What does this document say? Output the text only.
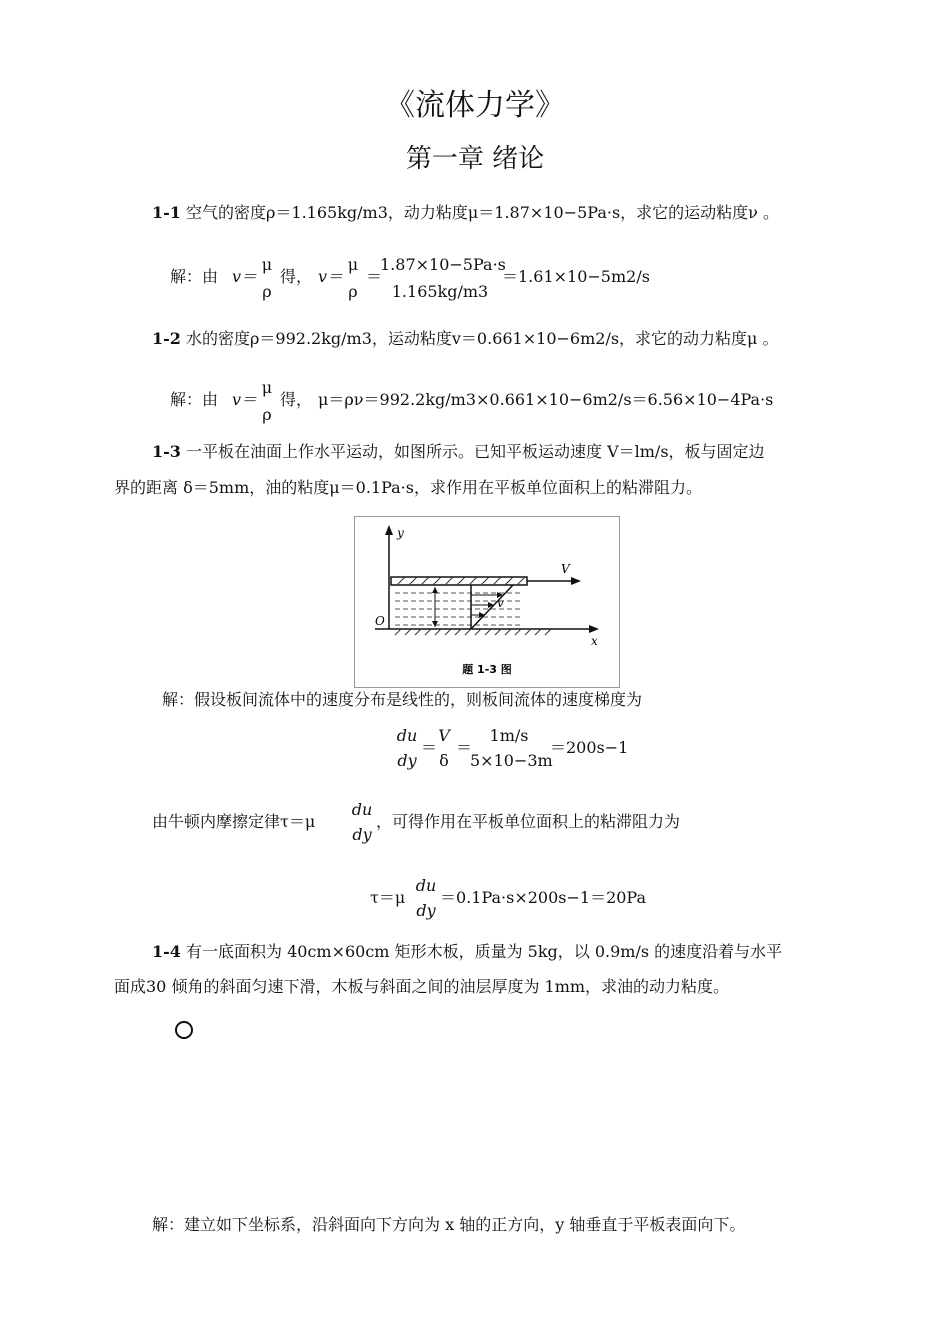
《流体力学》
第一章 绪论
1-1 空气的密度ρ＝1.165kg/m3，动力粘度μ＝1.87×10−5Pa·s，求它的运动粘度ν 。
解：由 v＝
μ
ρ
得， v＝
μ
ρ
＝
1.87×10−5Pa·s
1.165kg/m3
＝1.61×10−5m2/s
1-2 水的密度ρ＝992.2kg/m3，运动粘度v＝0.661×10−6m2/s，求它的动力粘度μ 。
解：由 v＝
μ
ρ
得， μ＝ρν＝992.2kg/m3×0.661×10−6m2/s＝6.56×10−4Pa·s
1-3 一平板在油面上作水平运动，如图所示。已知平板运动速度 V＝lm/s，板与固定边
界的距离 δ＝5mm，油的粘度μ＝0.1Pa·s，求作用在平板单位面积上的粘滞阻力。
y
x
O
V
v
题 1-3 图
解：假设板间流体中的速度分布是线性的，则板间流体的速度梯度为
du
dy
＝
V
δ
＝
1m/s
5×10−3m
＝200s−1
由牛顿内摩擦定律τ＝μ
du
dy
，可得作用在平板单位面积上的粘滞阻力为
τ＝μ
du
dy
＝0.1Pa·s×200s−1＝20Pa
1-4 有一底面积为 40cm×60cm 矩形木板，质量为 5kg，以 0.9m/s 的速度沿着与水平
面成30 倾角的斜面匀速下滑，木板与斜面之间的油层厚度为 1mm，求油的动力粘度。
解：建立如下坐标系，沿斜面向下方向为 x 轴的正方向，y 轴垂直于平板表面向下。
